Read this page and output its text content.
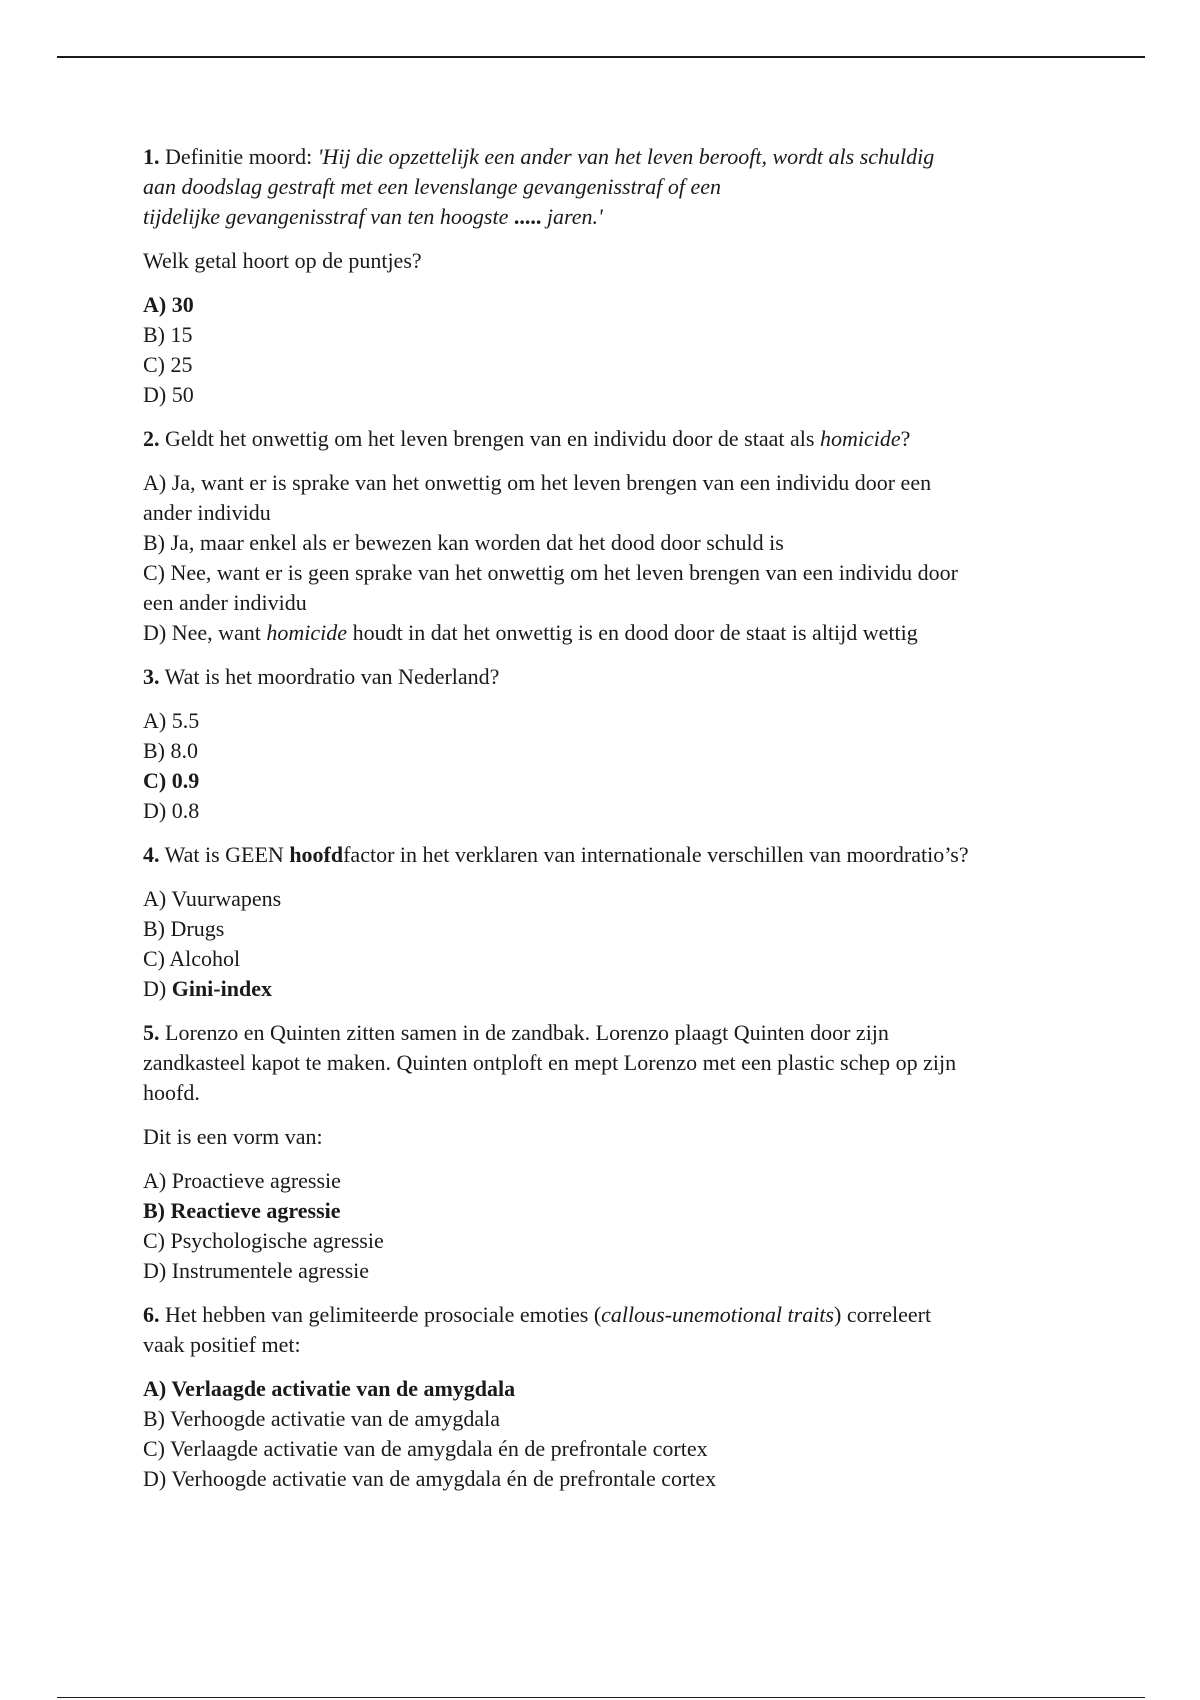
1. Definitie moord: 'Hij die opzettelijk een ander van het leven berooft, wordt als schuldig
aan doodslag gestraft met een levenslange gevangenisstraf of een
tijdelijke gevangenisstraf van ten hoogste ..... jaren.'
Welk getal hoort op de puntjes?
A) 30
B) 15
C) 25
D) 50
2. Geldt het onwettig om het leven brengen van en individu door de staat als homicide?
A) Ja, want er is sprake van het onwettig om het leven brengen van een individu door een
ander individu
B) Ja, maar enkel als er bewezen kan worden dat het dood door schuld is
C) Nee, want er is geen sprake van het onwettig om het leven brengen van een individu door
een ander individu
D) Nee, want homicide houdt in dat het onwettig is en dood door de staat is altijd wettig
3. Wat is het moordratio van Nederland?
A) 5.5
B) 8.0
C) 0.9
D) 0.8
4. Wat is GEEN hoofdfactor in het verklaren van internationale verschillen van moordratio’s?
A) Vuurwapens
B) Drugs
C) Alcohol
D) Gini-index
5. Lorenzo en Quinten zitten samen in de zandbak. Lorenzo plaagt Quinten door zijn
zandkasteel kapot te maken. Quinten ontploft en mept Lorenzo met een plastic schep op zijn
hoofd.
Dit is een vorm van:
A) Proactieve agressie
B) Reactieve agressie
C) Psychologische agressie
D) Instrumentele agressie
6. Het hebben van gelimiteerde prosociale emoties (callous-unemotional traits) correleert
vaak positief met:
A) Verlaagde activatie van de amygdala
B) Verhoogde activatie van de amygdala
C) Verlaagde activatie van de amygdala én de prefrontale cortex
D) Verhoogde activatie van de amygdala én de prefrontale cortex
